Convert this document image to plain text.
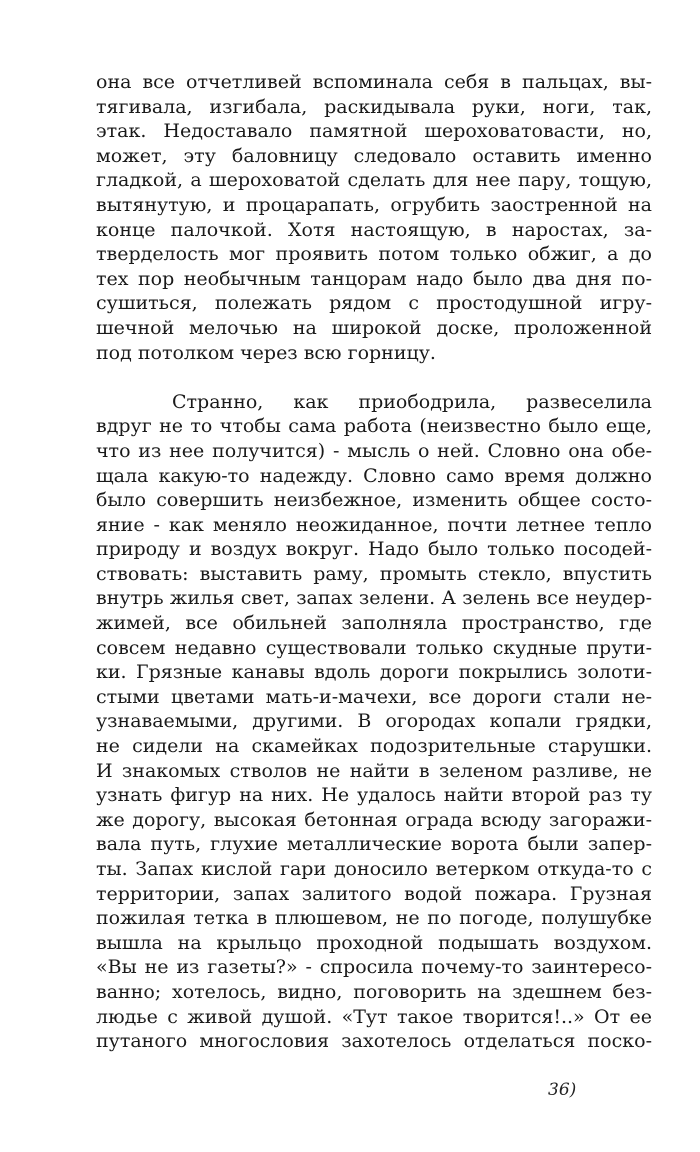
она все отчетливей вспоминала себя в пальцах, вы-
тягивала, изгибала, раскидывала руки, ноги, так,
этак. Недоставало памятной шероховатовасти, но,
может, эту баловницу следовало оставить именно
гладкой, а шероховатой сделать для нее пару, тощую,
вытянутую, и процарапать, огрубить заостренной на
конце палочкой. Хотя настоящую, в наростах, за-
твердeлость мог проявить потом только обжиг, а до
тех пор необычным танцорам надо было два дня по-
сушиться, полежать рядом с простодушной игру-
шечной мелочью на широкой доске, проложенной
под потолком через всю горницу.
Странно, как приободрила, развеселила
вдруг не то чтобы сама работа (неизвестно было еще,
что из нее получится) - мысль о ней. Словно она обе-
щала какую-то надежду. Словно само время должно
было совершить неизбежное, изменить общее состо-
яние - как меняло неожиданное, почти летнее тепло
природу и воздух вокруг. Надо было только посодей-
ствовать: выставить раму, промыть стекло, впустить
внутрь жилья свет, запах зелени. А зелень все неудер-
жимей, все обильней заполняла пространство, где
совсем недавно существовали только скудные прути-
ки. Грязные канавы вдоль дороги покрылись золоти-
стыми цветами мать-и-мачехи, все дороги стали не-
узнаваемыми, другими. В огородах копали грядки,
не сидели на скамейках подозрительные старушки.
И знакомых стволов не найти в зеленом разливе, не
узнать фигур на них. Не удалось найти второй раз ту
же дорогу, высокая бетонная ограда всюду загоражи-
вала путь, глухие металлические ворота были запер-
ты. Запах кислой гари доносило ветерком откуда-то с
территории, запах залитого водой пожара. Грузная
пожилая тетка в плюшевом, не по погоде, полушубке
вышла на крыльцо проходной подышать воздухом.
«Вы не из газеты?» - спросила почему-то заинтересо-
ванно; хотелось, видно, поговорить на здешнем без-
людье с живой душой. «Тут такое творится!..» От ее
путаного многословия захотелось отделаться поско-
36)
